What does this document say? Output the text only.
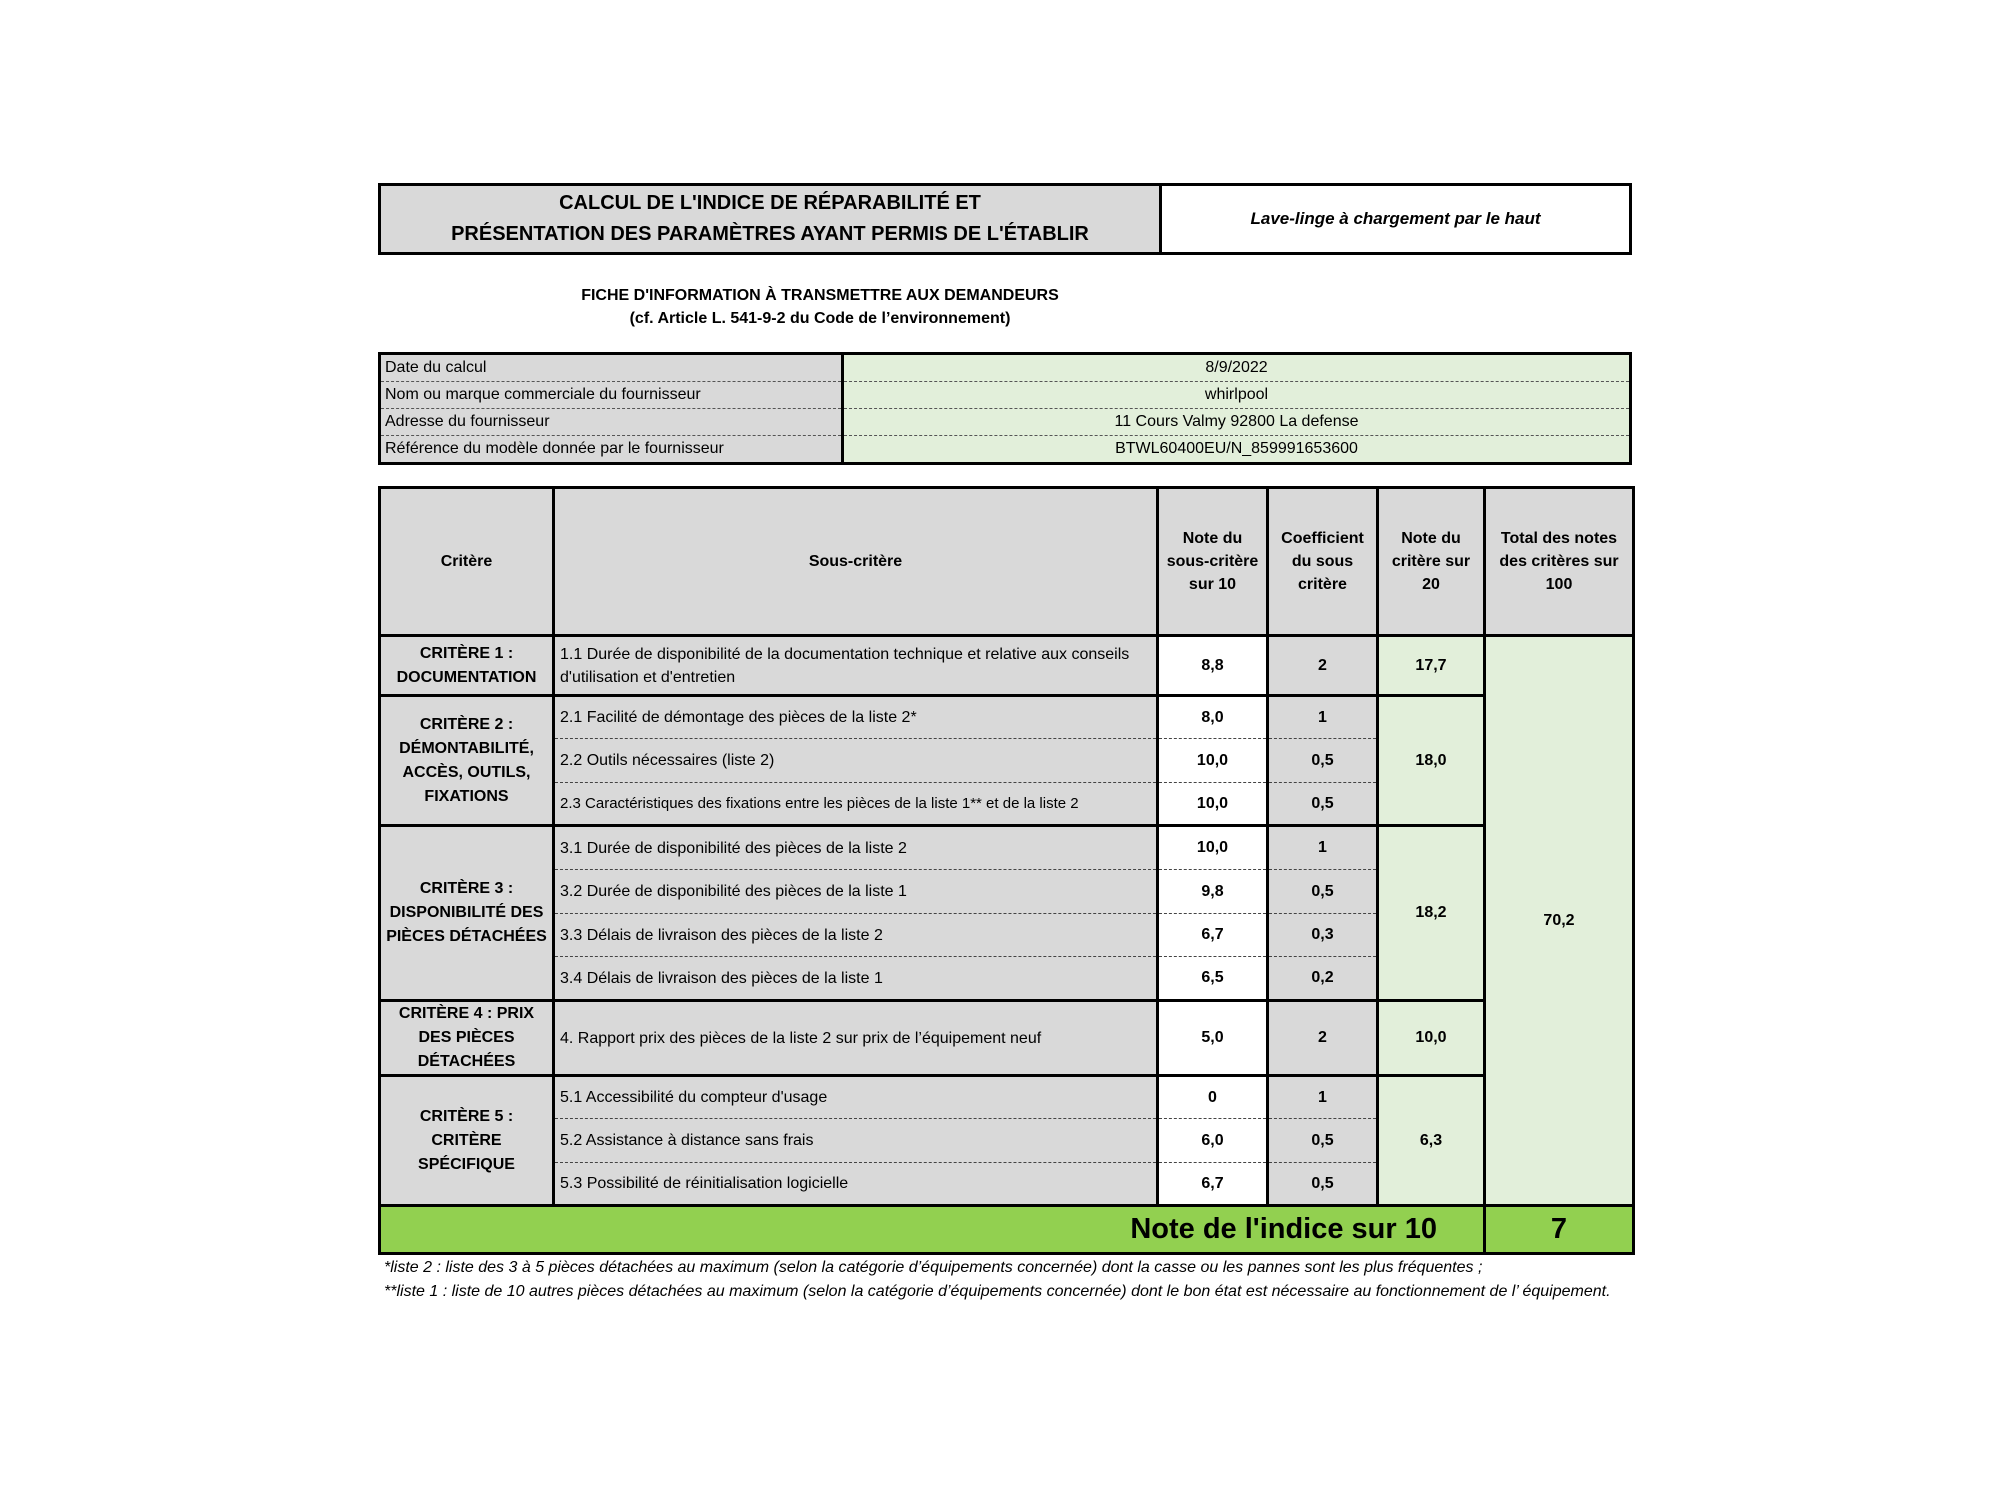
CALCUL DE L'INDICE DE RÉPARABILITÉ ET
PRÉSENTATION DES PARAMÈTRES AYANT PERMIS DE L'ÉTABLIR
Lave-linge à chargement par le haut
FICHE D'INFORMATION À TRANSMETTRE AUX DEMANDEURS
(cf. Article L. 541-9-2 du Code de l’environnement)
Date du calcul	8/9/2022
Nom ou marque commerciale du fournisseur	whirlpool
Adresse du fournisseur	11 Cours Valmy 92800 La defense
Référence du modèle donnée par le fournisseur	BTWL60400EU/N_859991653600
Critère	Sous-critère	Note du sous-critère sur 10	Coefficient du sous critère	Note du critère sur 20	Total des notes des critères sur 100
CRITÈRE 1 : DOCUMENTATION	1.1 Durée de disponibilité de la documentation technique et relative aux conseils d'utilisation et d'entretien	8,8	2	17,7	70,2
CRITÈRE 2 : DÉMONTABILITÉ, ACCÈS, OUTILS, FIXATIONS	2.1 Facilité de démontage des pièces de la liste 2*	8,0	1	18,0	
	2.2 Outils nécessaires (liste 2)	10,0	0,5		
	2.3 Caractéristiques des fixations entre les pièces de la liste 1** et de la liste 2	10,0	0,5		
CRITÈRE 3 : DISPONIBILITÉ DES PIÈCES DÉTACHÉES	3.1 Durée de disponibilité des pièces de la liste 2	10,0	1	18,2	
	3.2 Durée de disponibilité des pièces de la liste 1	9,8	0,5		
	3.3 Délais de livraison des pièces de la liste 2	6,7	0,3		
	3.4 Délais de livraison des pièces de la liste 1	6,5	0,2		
CRITÈRE 4 : PRIX DES PIÈCES DÉTACHÉES	4. Rapport prix des pièces de la liste 2 sur prix de l’équipement neuf	5,0	2	10,0	
CRITÈRE 5 : CRITÈRE SPÉCIFIQUE	5.1 Accessibilité du compteur d'usage	0	1	6,3	
	5.2 Assistance à distance sans frais	6,0	0,5		
	5.3 Possibilité de réinitialisation logicielle	6,7	0,5		
Note de l'indice sur 10					7

*liste 2 : liste des 3 à 5 pièces détachées au maximum (selon la catégorie d’équipements concernée) dont la casse ou les pannes sont les plus fréquentes ;

**liste 1 : liste de 10 autres pièces détachées au maximum (selon la catégorie d’équipements concernée) dont le bon état est nécessaire au fonctionnement de l’ équipement.
